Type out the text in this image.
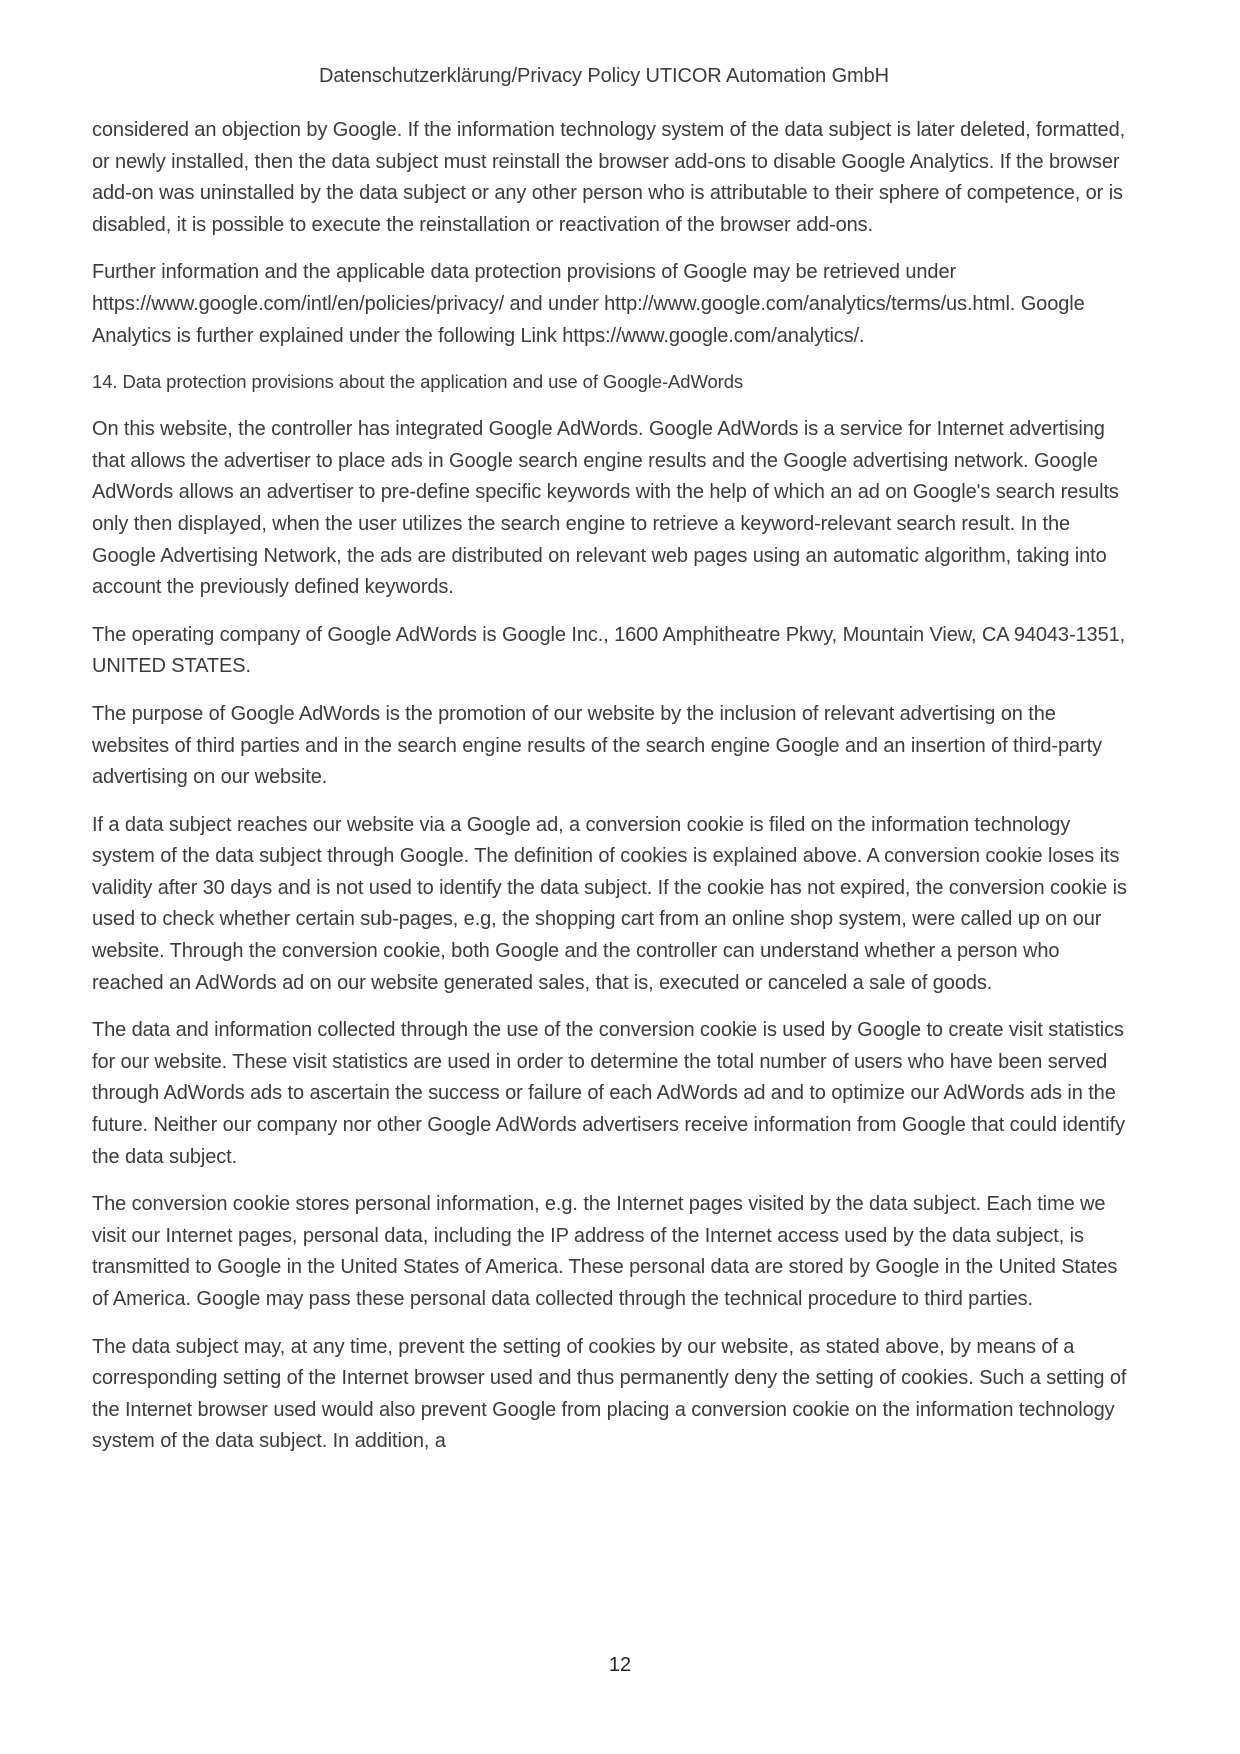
Datenschutzerklärung/Privacy Policy UTICOR Automation GmbH

considered an objection by Google. If the information technology system of the data subject is later deleted, formatted, or newly installed, then the data subject must reinstall the browser add-ons to disable Google Analytics. If the browser add-on was uninstalled by the data subject or any other person who is attributable to their sphere of competence, or is disabled, it is possible to execute the reinstallation or reactivation of the browser add-ons.

Further information and the applicable data protection provisions of Google may be retrieved under https://www.google.com/intl/en/policies/privacy/ and under http://www.google.com/analytics/terms/us.html. Google Analytics is further explained under the following Link https://www.google.com/analytics/.

14. Data protection provisions about the application and use of Google-AdWords

On this website, the controller has integrated Google AdWords. Google AdWords is a service for Internet advertising that allows the advertiser to place ads in Google search engine results and the Google advertising network. Google AdWords allows an advertiser to pre-define specific keywords with the help of which an ad on Google's search results only then displayed, when the user utilizes the search engine to retrieve a keyword-relevant search result. In the Google Advertising Network, the ads are distributed on relevant web pages using an automatic algorithm, taking into account the previously defined keywords.

The operating company of Google AdWords is Google Inc., 1600 Amphitheatre Pkwy, Mountain View, CA 94043-1351, UNITED STATES.

The purpose of Google AdWords is the promotion of our website by the inclusion of relevant advertising on the websites of third parties and in the search engine results of the search engine Google and an insertion of third-party advertising on our website.

If a data subject reaches our website via a Google ad, a conversion cookie is filed on the information technology system of the data subject through Google. The definition of cookies is explained above. A conversion cookie loses its validity after 30 days and is not used to identify the data subject. If the cookie has not expired, the conversion cookie is used to check whether certain sub-pages, e.g, the shopping cart from an online shop system, were called up on our website. Through the conversion cookie, both Google and the controller can understand whether a person who reached an AdWords ad on our website generated sales, that is, executed or canceled a sale of goods.

The data and information collected through the use of the conversion cookie is used by Google to create visit statistics for our website. These visit statistics are used in order to determine the total number of users who have been served through AdWords ads to ascertain the success or failure of each AdWords ad and to optimize our AdWords ads in the future. Neither our company nor other Google AdWords advertisers receive information from Google that could identify the data subject.

The conversion cookie stores personal information, e.g. the Internet pages visited by the data subject. Each time we visit our Internet pages, personal data, including the IP address of the Internet access used by the data subject, is transmitted to Google in the United States of America. These personal data are stored by Google in the United States of America. Google may pass these personal data collected through the technical procedure to third parties.

The data subject may, at any time, prevent the setting of cookies by our website, as stated above, by means of a corresponding setting of the Internet browser used and thus permanently deny the setting of cookies. Such a setting of the Internet browser used would also prevent Google from placing a conversion cookie on the information technology system of the data subject. In addition, a

12
